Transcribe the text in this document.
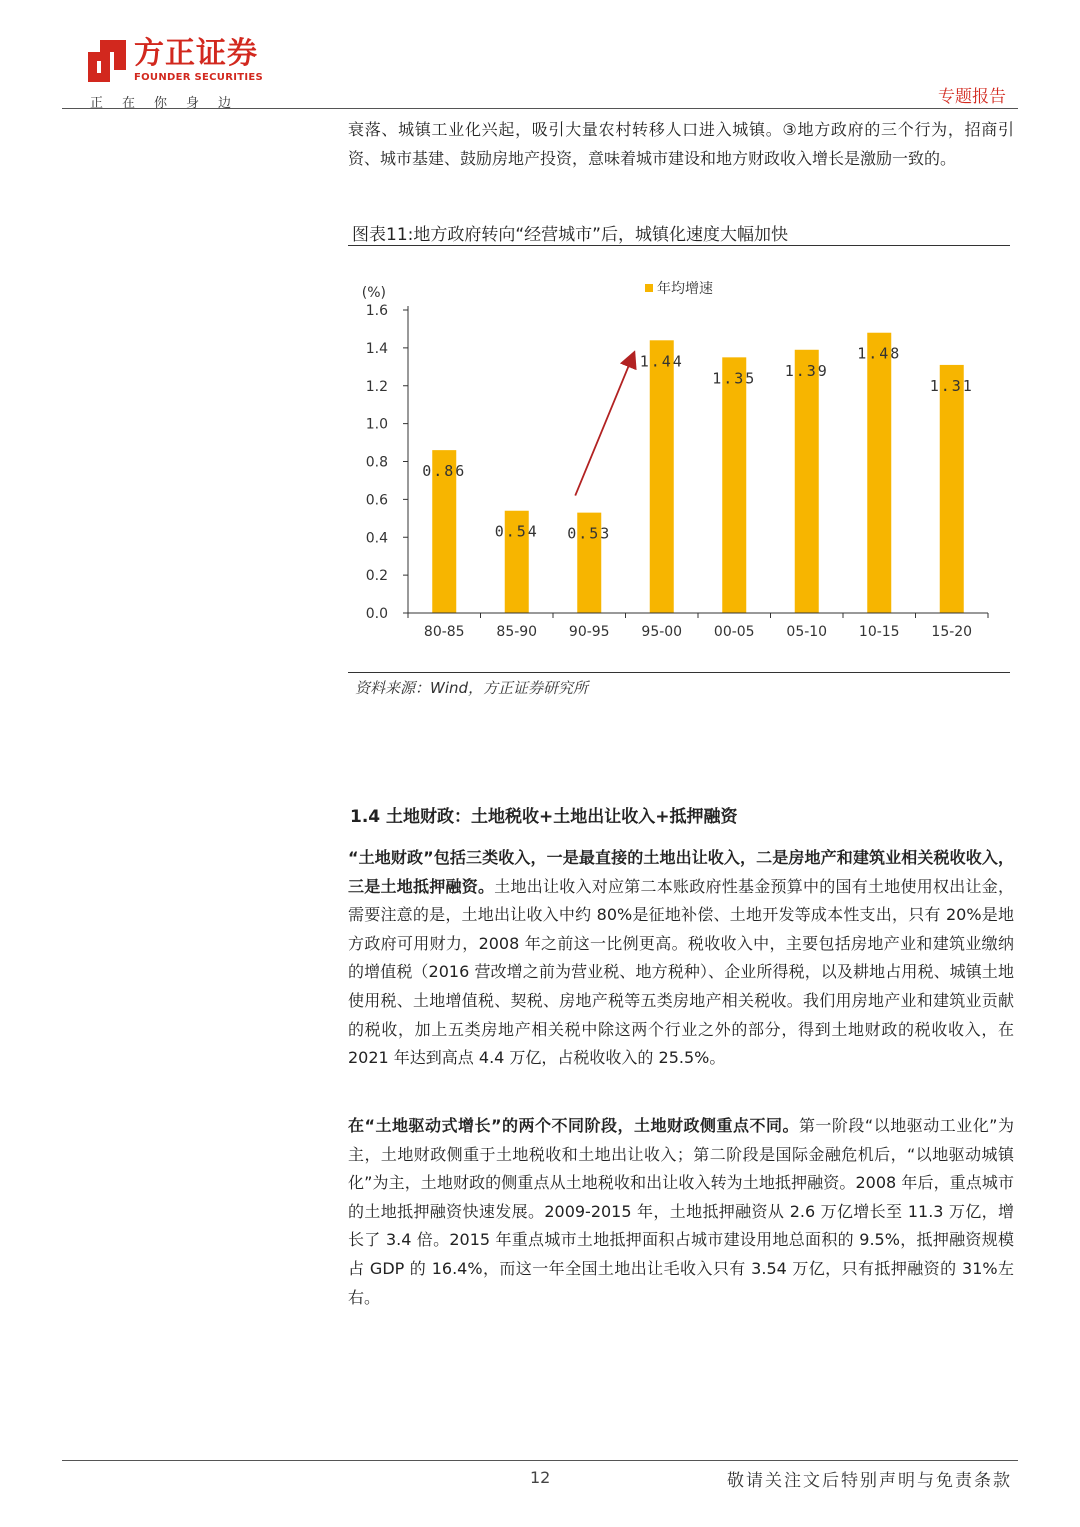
方正证券
FOUNDER SECURITIES
正在你身边	专题报告
衰落、城镇工业化兴起，吸引大量农村转移人口进入城镇。③地方政府的三个行为，招商引资、城市基建、鼓励房地产投资，意味着城市建设和地方财政收入增长是激励一致的。
图表11:地方政府转向“经营城市”后，城镇化速度大幅加快
0.0
0.2
0.4
0.6
0.8
1.0
1.2
1.4
1.6
(%)
0.86
0.54 0.53
1.44
1.35 1.39
1.48
1.31
80-85 85-90 90-95 95-00 00-05 05-10 10-15 15-20
年均增速
资料来源：Wind，方正证券研究所
1.4 土地财政：土地税收+土地出让收入+抵押融资
“土地财政”包括三类收入，一是最直接的土地出让收入，二是房地产和建筑业相关税收收入，三是土地抵押融资。土地出让收入对应第二本账政府性基金预算中的国有土地使用权出让金，需要注意的是，土地出让收入中约 80%是征地补偿、土地开发等成本性支出，只有 20%是地方政府可用财力，2008 年之前这一比例更高。税收收入中，主要包括房地产业和建筑业缴纳的增值税（2016 营改增之前为营业税、地方税种）、企业所得税，以及耕地占用税、城镇土地使用税、土地增值税、契税、房地产税等五类房地产相关税收。我们用房地产业和建筑业贡献的税收，加上五类房地产相关税中除这两个行业之外的部分，得到土地财政的税收收入，在 2021 年达到高点 4.4 万亿，占税收收入的 25.5%。
在“土地驱动式增长”的两个不同阶段，土地财政侧重点不同。第一阶段“以地驱动工业化”为主，土地财政侧重于土地税收和土地出让收入；第二阶段是国际金融危机后，“以地驱动城镇化”为主，土地财政的侧重点从土地税收和出让收入转为土地抵押融资。2008 年后，重点城市的土地抵押融资快速发展。2009-2015 年，土地抵押融资从 2.6 万亿增长至 11.3 万亿，增长了 3.4 倍。2015 年重点城市土地抵押面积占城市建设用地总面积的 9.5%，抵押融资规模占 GDP 的 16.4%，而这一年全国土地出让毛收入只有 3.54 万亿，只有抵押融资的 31%左右。
12	敬请关注文后特别声明与免责条款
